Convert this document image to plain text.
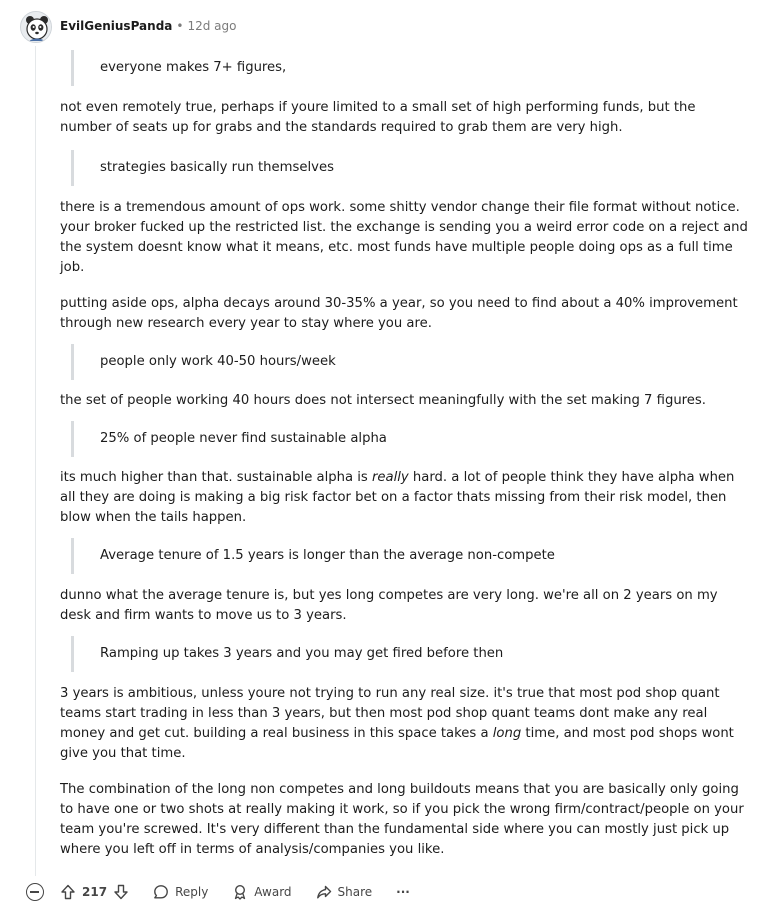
EvilGeniusPanda • 12d ago
everyone makes 7+ figures,

not even remotely true, perhaps if youre limited to a small set of high performing funds, but the number of seats up for grabs and the standards required to grab them are very high.

strategies basically run themselves

there is a tremendous amount of ops work. some shitty vendor change their file format without notice. your broker fucked up the restricted list. the exchange is sending you a weird error code on a reject and the system doesnt know what it means, etc. most funds have multiple people doing ops as a full time job.

putting aside ops, alpha decays around 30-35% a year, so you need to find about a 40% improvement through new research every year to stay where you are.

people only work 40-50 hours/week

the set of people working 40 hours does not intersect meaningfully with the set making 7 figures.

25% of people never find sustainable alpha

its much higher than that. sustainable alpha is really hard. a lot of people think they have alpha when all they are doing is making a big risk factor bet on a factor thats missing from their risk model, then blow when the tails happen.

Average tenure of 1.5 years is longer than the average non-compete

dunno what the average tenure is, but yes long competes are very long. we're all on 2 years on my desk and firm wants to move us to 3 years.

Ramping up takes 3 years and you may get fired before then

3 years is ambitious, unless youre not trying to run any real size. it's true that most pod shop quant teams start trading in less than 3 years, but then most pod shop quant teams dont make any real money and get cut. building a real business in this space takes a long time, and most pod shops wont give you that time.

The combination of the long non competes and long buildouts means that you are basically only going to have one or two shots at really making it work, so if you pick the wrong firm/contract/people on your team you're screwed. It's very different than the fundamental side where you can mostly just pick up where you left off in terms of analysis/companies you like.

217	Reply	Award	Share ···
